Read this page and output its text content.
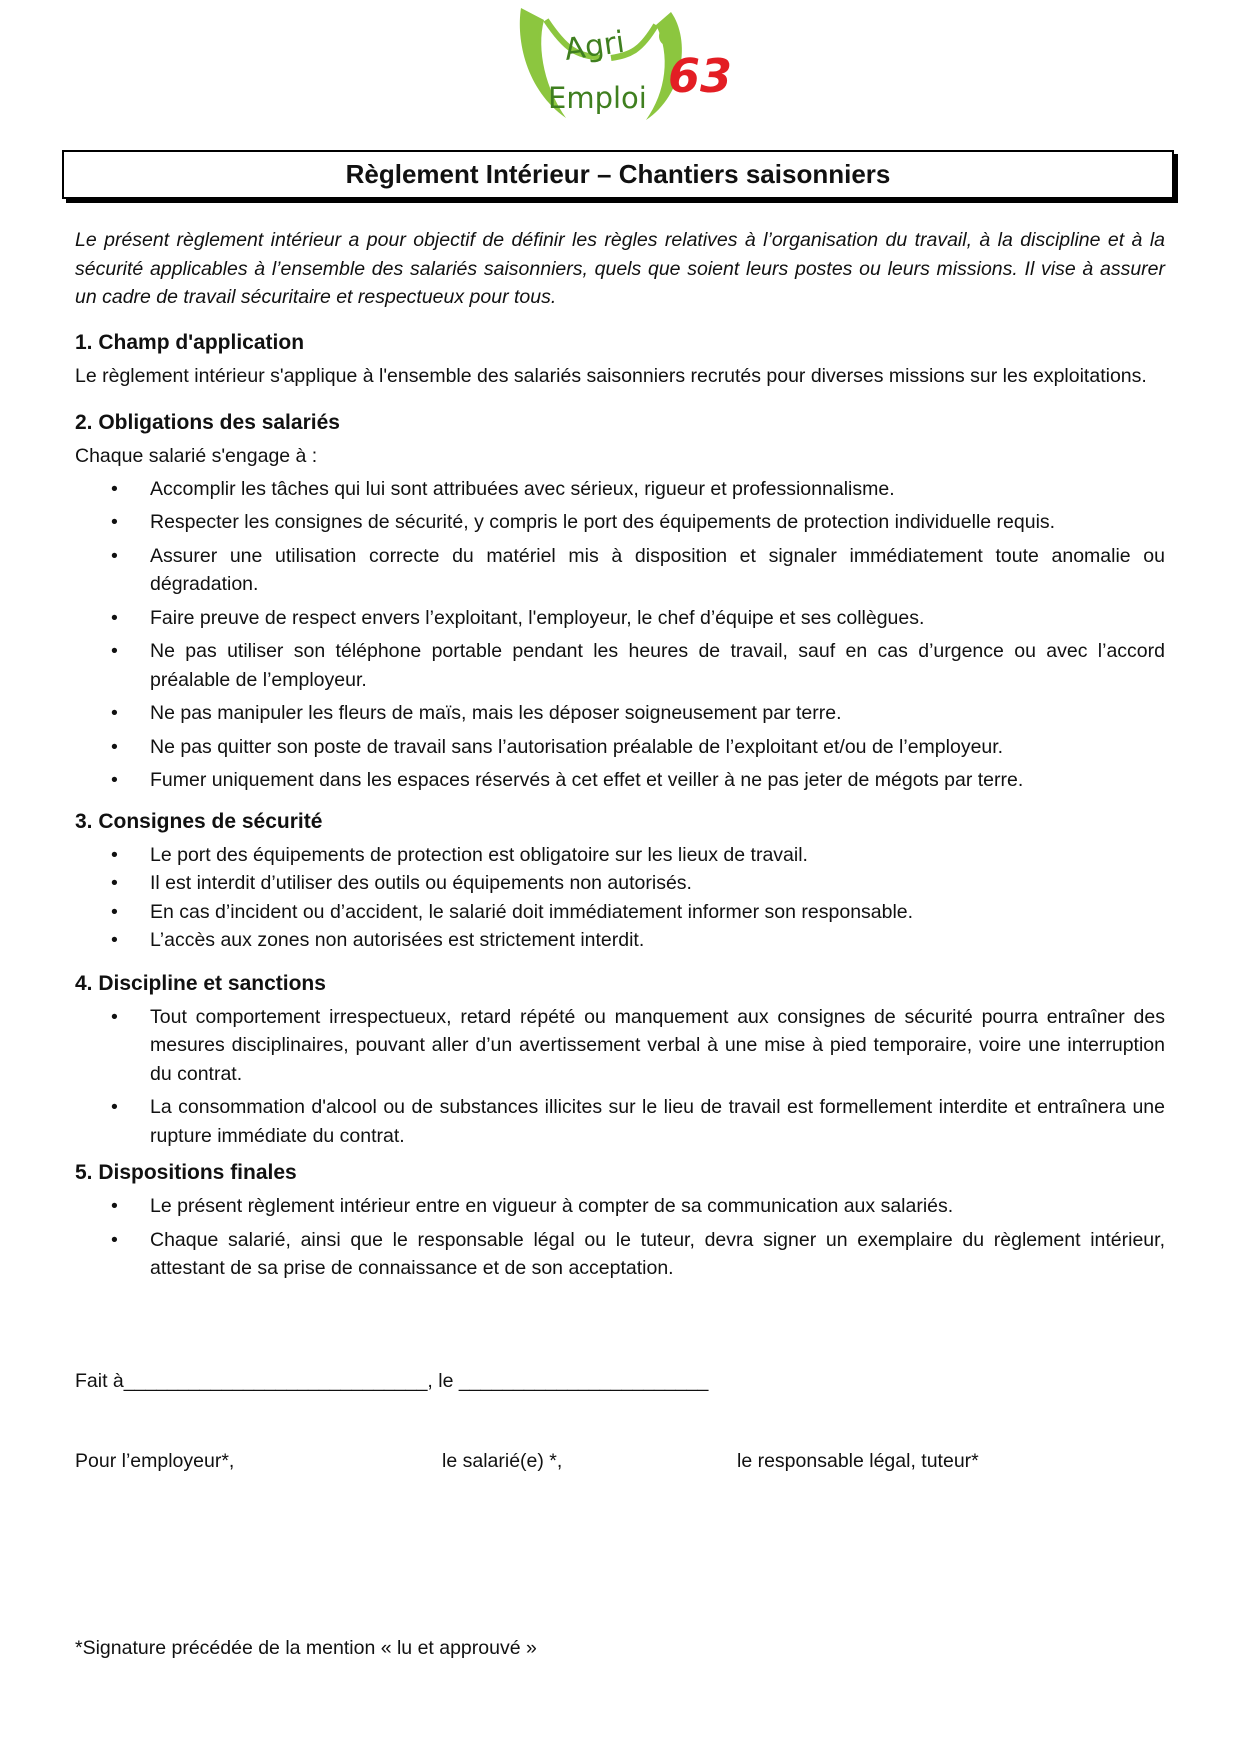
Agri
Emploi 63
Règlement Intérieur – Chantiers saisonniers

Le présent règlement intérieur a pour objectif de définir les règles relatives à l’organisation du travail, à la discipline et à la sécurité applicables à l’ensemble des salariés saisonniers, quels que soient leurs postes ou leurs missions. Il vise à assurer un cadre de travail sécuritaire et respectueux pour tous.

1. Champ d'application

Le règlement intérieur s'applique à l'ensemble des salariés saisonniers recrutés pour diverses missions sur les exploitations.

2. Obligations des salariés

Chaque salarié s'engage à :

• Accomplir les tâches qui lui sont attribuées avec sérieux, rigueur et professionnalisme.
• Respecter les consignes de sécurité, y compris le port des équipements de protection individuelle requis.
• Assurer une utilisation correcte du matériel mis à disposition et signaler immédiatement toute anomalie ou dégradation.
• Faire preuve de respect envers l’exploitant, l'employeur, le chef d’équipe et ses collègues.
• Ne pas utiliser son téléphone portable pendant les heures de travail, sauf en cas d’urgence ou avec l’accord préalable de l’employeur.
• Ne pas manipuler les fleurs de maïs, mais les déposer soigneusement par terre.
• Ne pas quitter son poste de travail sans l’autorisation préalable de l’exploitant et/ou de l’employeur.
• Fumer uniquement dans les espaces réservés à cet effet et veiller à ne pas jeter de mégots par terre.
3. Consignes de sécurité
• Le port des équipements de protection est obligatoire sur les lieux de travail.
• Il est interdit d’utiliser des outils ou équipements non autorisés.
• En cas d’incident ou d’accident, le salarié doit immédiatement informer son responsable.
• L’accès aux zones non autorisées est strictement interdit.
4. Discipline et sanctions
• Tout comportement irrespectueux, retard répété ou manquement aux consignes de sécurité pourra entraîner des mesures disciplinaires, pouvant aller d’un avertissement verbal à une mise à pied temporaire, voire une interruption du contrat.
• La consommation d'alcool ou de substances illicites sur le lieu de travail est formellement interdite et entraînera une rupture immédiate du contrat.
5. Dispositions finales
• Le présent règlement intérieur entre en vigueur à compter de sa communication aux salariés.
• Chaque salarié, ainsi que le responsable légal ou le tuteur, devra signer un exemplaire du règlement intérieur, attestant de sa prise de connaissance et de son acceptation.
Fait à____________________________, le _______________________
Pour l’employeur*,	le salarié(e) *,	le responsable légal, tuteur*
*Signature précédée de la mention « lu et approuvé »
